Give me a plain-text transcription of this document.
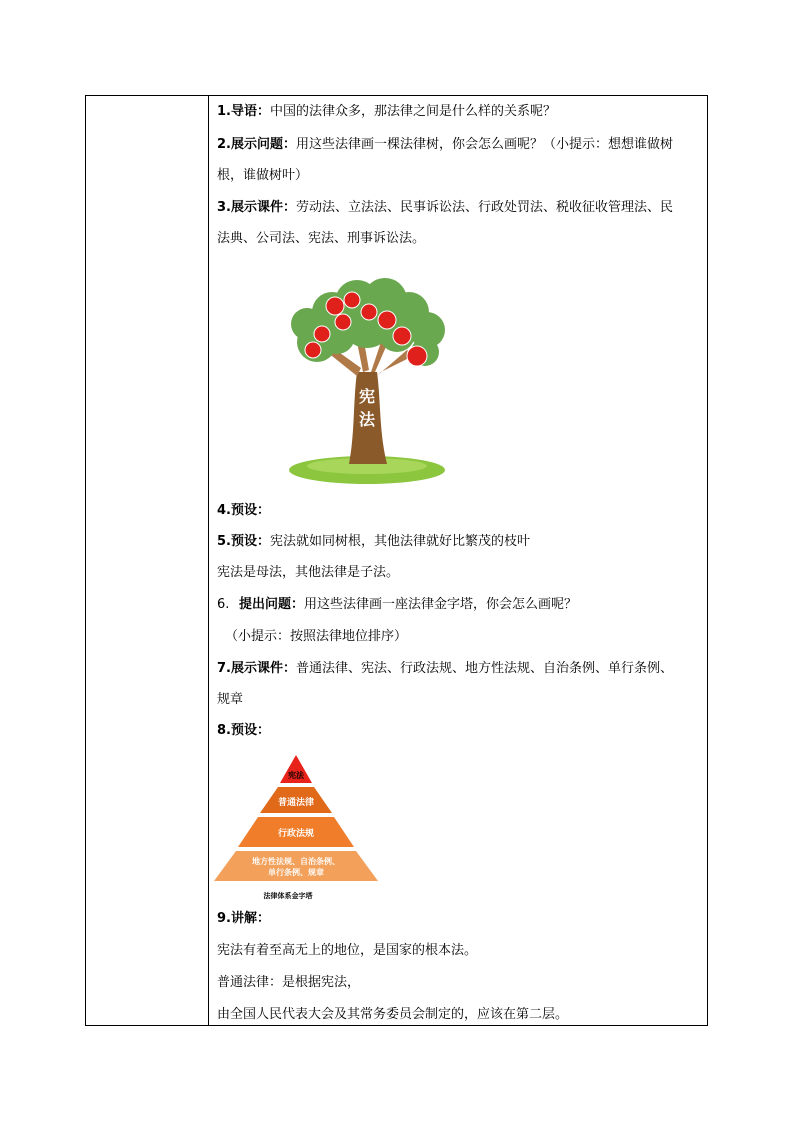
1.导语：中国的法律众多，那法律之间是什么样的关系呢？
2.展示问题：用这些法律画一棵法律树，你会怎么画呢？（小提示：想想谁做树
根，谁做树叶）
3.展示课件：劳动法、立法法、民事诉讼法、行政处罚法、税收征收管理法、民
法典、公司法、宪法、刑事诉讼法。
宪
法
4.预设：
5.预设：宪法就如同树根，其他法律就好比繁茂的枝叶
宪法是母法，其他法律是子法。
6. 提出问题：用这些法律画一座法律金字塔，你会怎么画呢？
（小提示：按照法律地位排序）
7.展示课件：普通法律、宪法、行政法规、地方性法规、自治条例、单行条例、
规章
8.预设：
宪法
普通法律
行政法规
地方性法规、自治条例、
单行条例、规章
法律体系金字塔
9.讲解：
宪法有着至高无上的地位，是国家的根本法。
普通法律：是根据宪法，
由全国人民代表大会及其常务委员会制定的，应该在第二层。
